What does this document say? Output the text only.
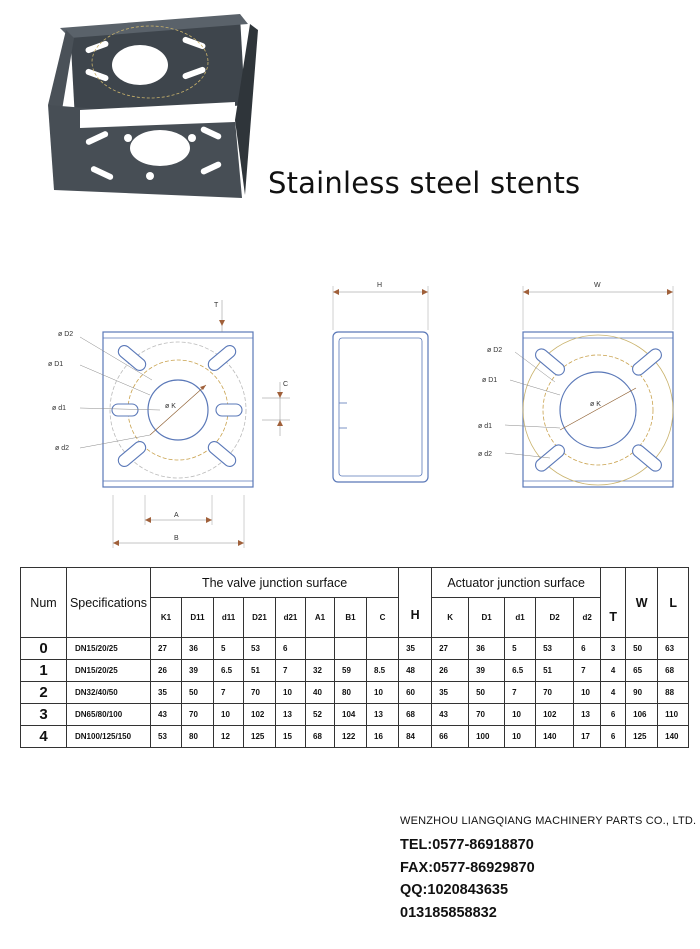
Stainless steel stents
ø D2
ø D1
ø d1
ø d2
ø K
T
C
A
B
H	W
ø D2
ø D1
ø d1
ø d2
ø K
Num	Specifications	The valve junction surface								H	Actuator junction surface					T	W	L
		K1	D11	d11	D21	d21	A1	B1	C		K	D1	d1	D2	d2			
0	DN15/20/25	27	36	5	53	6				35	27	36	5	53	6	3	50	63
1	DN15/20/25	26	39	6.5	51	7	32	59	8.5	48	26	39	6.5	51	7	4	65	68
2	DN32/40/50	35	50	7	70	10	40	80	10	60	35	50	7	70	10	4	90	88
3	DN65/80/100	43	70	10	102	13	52	104	13	68	43	70	10	102	13	6	106	110
4	DN100/125/150	53	80	12	125	15	68	122	16	84	66	100	10	140	17	6	125	140
WENZHOU LIANGQIANG MACHINERY PARTS CO., LTD.
TEL:0577-86918870
FAX:0577-86929870
QQ:1020843635
013185858832
